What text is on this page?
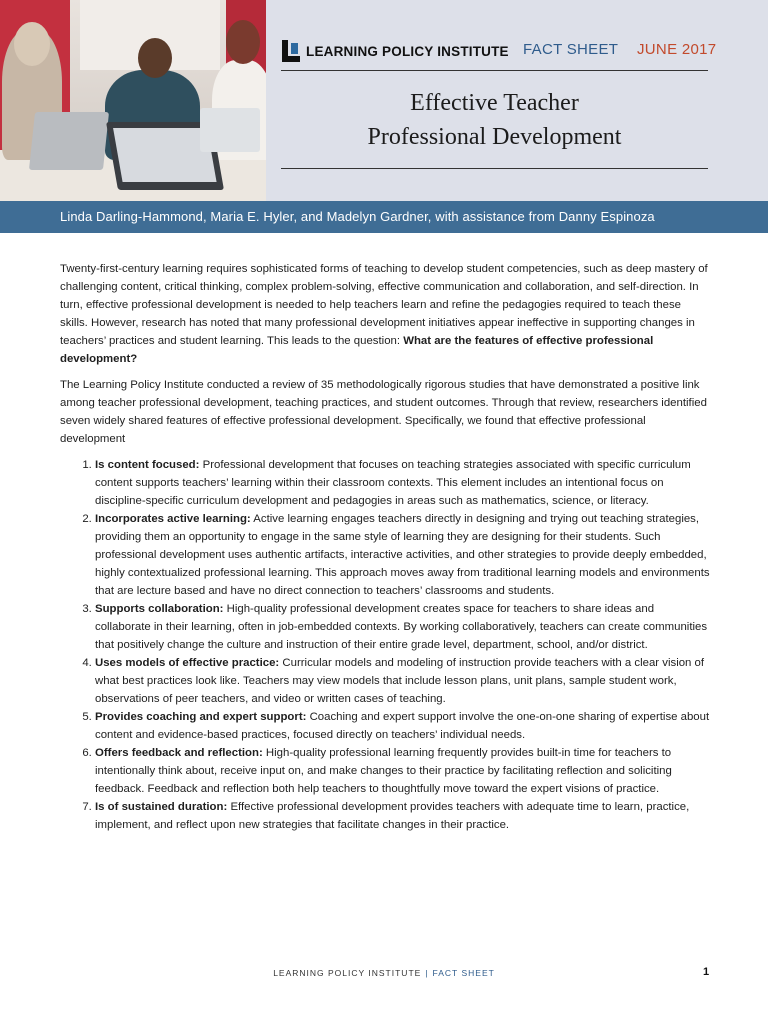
LEARNING POLICY INSTITUTE FACT SHEET JUNE 2017
Effective Teacher
Professional Development
Linda Darling-Hammond, Maria E. Hyler, and Madelyn Gardner, with assistance from Danny Espinoza

Twenty-first-century learning requires sophisticated forms of teaching to develop student competencies, such as deep mastery of challenging content, critical thinking, complex problem-solving, effective communication and collaboration, and self-direction. In turn, effective professional development is needed to help teachers learn and refine the pedagogies required to teach these skills. However, research has noted that many professional development initiatives appear ineffective in supporting changes in teachers’ practices and student learning. This leads to the question: What are the features of effective professional development?

The Learning Policy Institute conducted a review of 35 methodologically rigorous studies that have demonstrated a positive link among teacher professional development, teaching practices, and student outcomes. Through that review, researchers identified seven widely shared features of effective professional development. Specifically, we found that effective professional development

1. Is content focused: Professional development that focuses on teaching strategies associated with specific curriculum content supports teachers’ learning within their classroom contexts. This element includes an intentional focus on discipline-specific curriculum development and pedagogies in areas such as mathematics, science, or literacy.
2. Incorporates active learning: Active learning engages teachers directly in designing and trying out teaching strategies, providing them an opportunity to engage in the same style of learning they are designing for their students. Such professional development uses authentic artifacts, interactive activities, and other strategies to provide deeply embedded, highly contextualized professional learning. This approach moves away from traditional learning models and environments that are lecture based and have no direct connection to teachers’ classrooms and students.
3. Supports collaboration: High-quality professional development creates space for teachers to share ideas and collaborate in their learning, often in job-embedded contexts. By working collaboratively, teachers can create communities that positively change the culture and instruction of their entire grade level, department, school, and/or district.
4. Uses models of effective practice: Curricular models and modeling of instruction provide teachers with a clear vision of what best practices look like. Teachers may view models that include lesson plans, unit plans, sample student work, observations of peer teachers, and video or written cases of teaching.
5. Provides coaching and expert support: Coaching and expert support involve the one-on-one sharing of expertise about content and evidence-based practices, focused directly on teachers’ individual needs.
6. Offers feedback and reflection: High-quality professional learning frequently provides built-in time for teachers to intentionally think about, receive input on, and make changes to their practice by facilitating reflection and soliciting feedback. Feedback and reflection both help teachers to thoughtfully move toward the expert visions of practice.
7. Is of sustained duration: Effective professional development provides teachers with adequate time to learn, practice, implement, and reflect upon new strategies that facilitate changes in their practice.
LEARNING POLICY INSTITUTE | FACT SHEET	1
